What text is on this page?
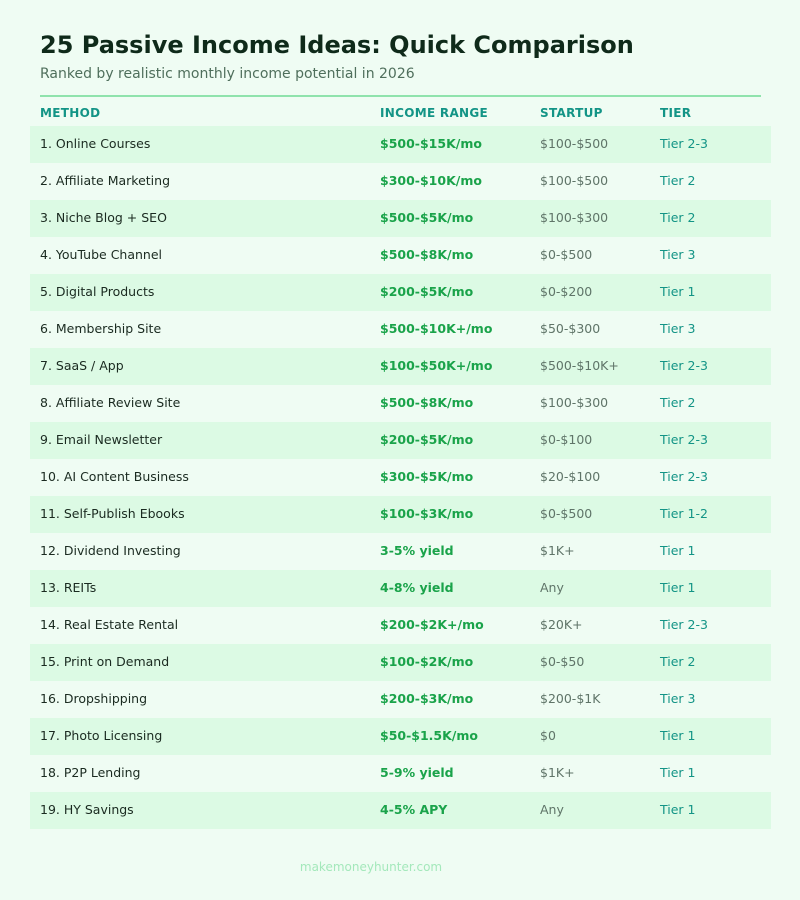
25 Passive Income Ideas: Quick Comparison
Ranked by realistic monthly income potential in 2026
METHOD	INCOME RANGE	STARTUP	TIER
1. Online Courses	$500-$15K/mo	$100-$500	Tier 2-3
2. Affiliate Marketing	$300-$10K/mo	$100-$500	Tier 2
3. Niche Blog + SEO	$500-$5K/mo	$100-$300	Tier 2
4. YouTube Channel	$500-$8K/mo	$0-$500	Tier 3
5. Digital Products	$200-$5K/mo	$0-$200	Tier 1
6. Membership Site	$500-$10K+/mo	$50-$300	Tier 3
7. SaaS / App	$100-$50K+/mo	$500-$10K+	Tier 2-3
8. Affiliate Review Site	$500-$8K/mo	$100-$300	Tier 2
9. Email Newsletter	$200-$5K/mo	$0-$100	Tier 2-3
10. AI Content Business	$300-$5K/mo	$20-$100	Tier 2-3
11. Self-Publish Ebooks	$100-$3K/mo	$0-$500	Tier 1-2
12. Dividend Investing	3-5% yield	$1K+	Tier 1
13. REITs	4-8% yield	Any	Tier 1
14. Real Estate Rental	$200-$2K+/mo	$20K+	Tier 2-3
15. Print on Demand	$100-$2K/mo	$0-$50	Tier 2
16. Dropshipping	$200-$3K/mo	$200-$1K	Tier 3
17. Photo Licensing	$50-$1.5K/mo	$0	Tier 1
18. P2P Lending	5-9% yield	$1K+	Tier 1
19. HY Savings	4-5% APY	Any	Tier 1
makemoneyhunter.com
